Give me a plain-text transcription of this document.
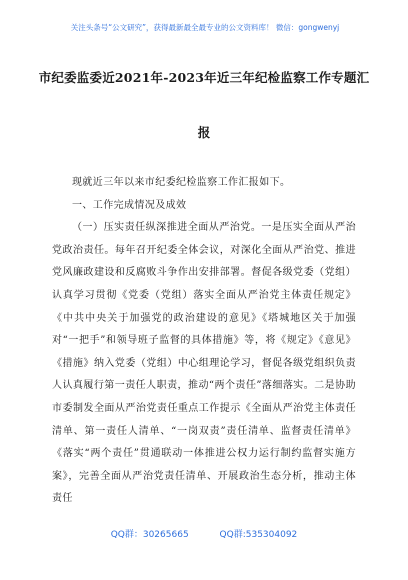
关注头条号“公文研究”，获得最新最全最专业的公文资料库！ 微信：gongwenyj
市纪委监委近2021年-2023年近三年纪检监察工作专题汇
报

现就近三年以来市纪委纪检监察工作汇报如下。

一、工作完成情况及成效

（一）压实责任纵深推进全面从严治党。一是压实全面从严治党政治责任。每年召开纪委全体会议，对深化全面从严治党、推进党风廉政建设和反腐败斗争作出安排部署。督促各级党委（党组）认真学习贯彻《党委（党组）落实全面从严治党主体责任规定》《中共中央关于加强党的政治建设的意见》《塔城地区关于加强对“一把手”和领导班子监督的具体措施》等，将《规定》《意见》《措施》纳入党委（党组）中心组理论学习，督促各级党组织负责人认真履行第一责任人职责，推动“两个责任”落细落实。二是协助市委制发全面从严治党责任重点工作提示《全面从严治党主体责任清单、第一责任人清单、“一岗双责”责任清单、监督责任清单》《落实“两个责任”贯通联动一体推进公权力运行制约监督实施方案》，完善全面从严治党责任清单、开展政治生态分析，推动主体责任

QQ群：30265665	QQ群:535304092
